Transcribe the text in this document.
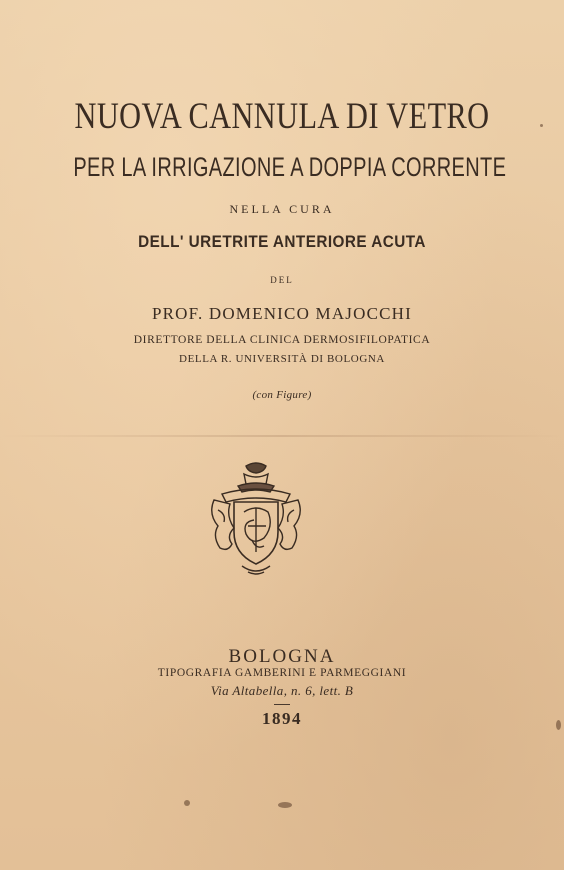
NUOVA CANNULA DI VETRO
PER LA IRRIGAZIONE A DOPPIA CORRENTE
NELLA CURA
DELL' URETRITE ANTERIORE ACUTA
DEL
PROF. DOMENICO MAJOCCHI
DIRETTORE DELLA CLINICA DERMOSIFILOPATICA
DELLA R. UNIVERSITÀ DI BOLOGNA
(con Figure)
BOLOGNA
TIPOGRAFIA GAMBERINI E PARMEGGIANI
Via Altabella, n. 6, lett. B
1894
